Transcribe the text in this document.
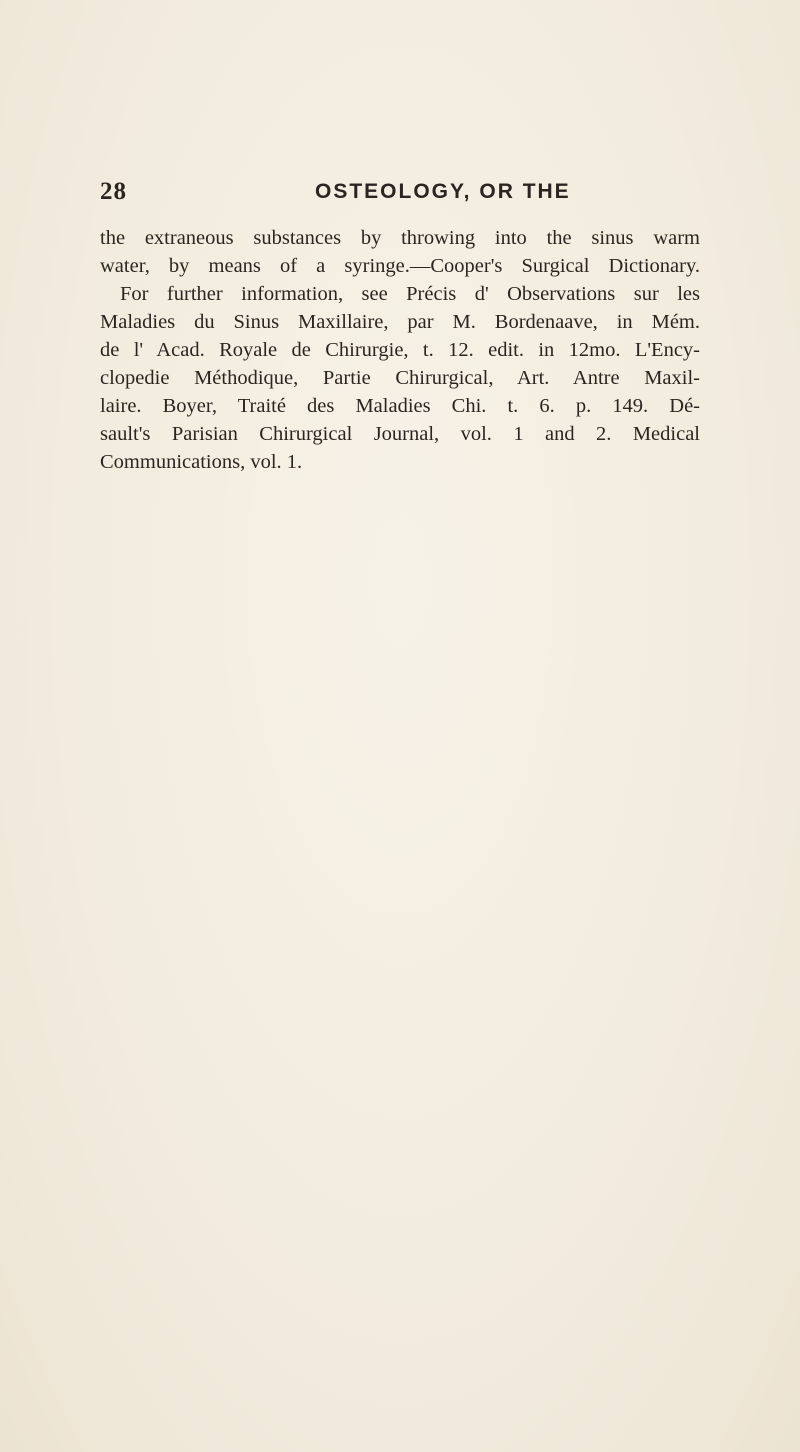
28	OSTEOLOGY, OR THE
the extraneous substances by throwing into the sinus warm
water, by means of a syringe.—Cooper's Surgical Dictionary.
For further information, see Précis d' Observations sur les
Maladies du Sinus Maxillaire, par M. Bordenaave, in Mém.
de l' Acad. Royale de Chirurgie, t. 12. edit. in 12mo. L'Ency-
clopedie Méthodique, Partie Chirurgical, Art. Antre Maxil-
laire. Boyer, Traité des Maladies Chi. t. 6. p. 149. Dé-
sault's Parisian Chirurgical Journal, vol. 1 and 2. Medical
Communications, vol. 1.
